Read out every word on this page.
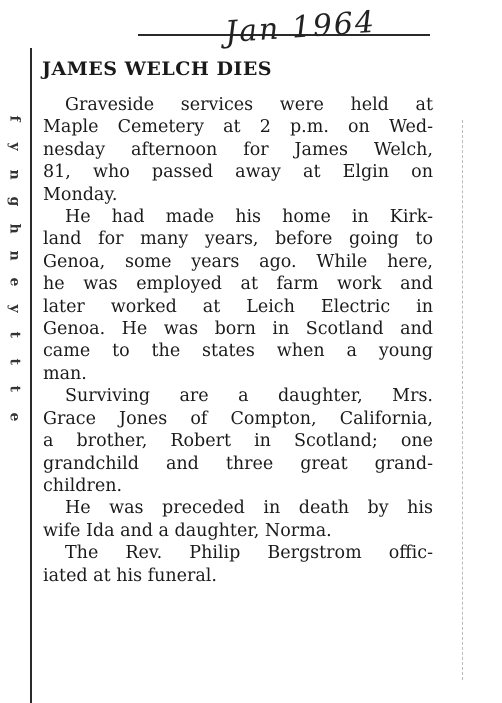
f
y
n
g
h
n
e
y
t
t
t
e
Jan 1964
JAMES WELCH DIES
Graveside services were held at
Maple Cemetery at 2 p.m. on Wed-
nesday afternoon for James Welch,
81, who passed away at Elgin on
Monday.
He had made his home in Kirk-
land for many years, before going to
Genoa, some years ago. While here,
he was employed at farm work and
later worked at Leich Electric in
Genoa. He was born in Scotland and
came to the states when a young
man.
Surviving are a daughter, Mrs.
Grace Jones of Compton, California,
a brother, Robert in Scotland; one
grandchild and three great grand-
children.
He was preceded in death by his
wife Ida and a daughter, Norma.
The Rev. Philip Bergstrom offic-
iated at his funeral.
